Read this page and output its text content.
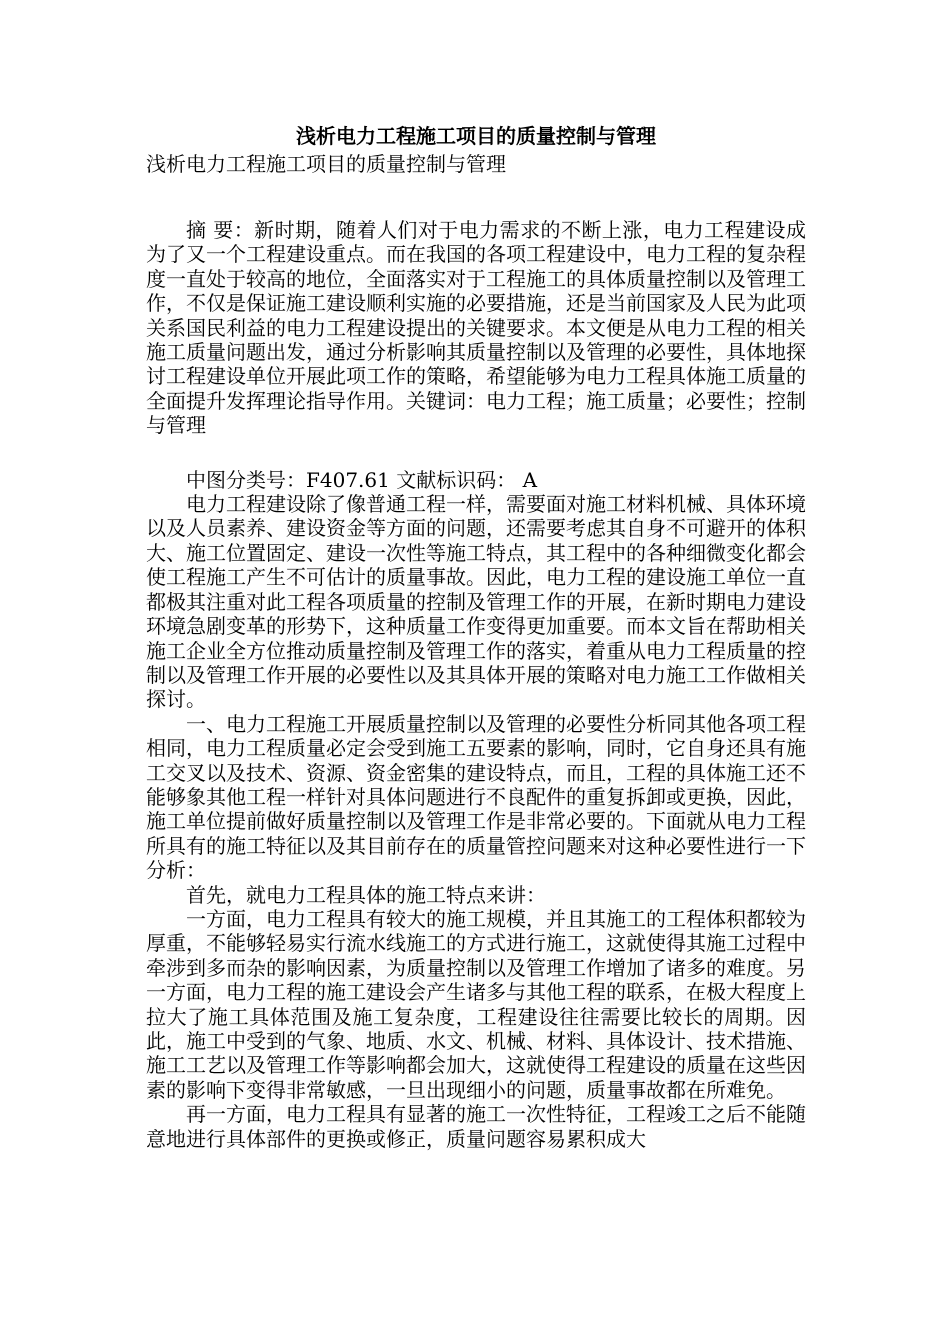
浅析电力工程施工项目的质量控制与管理
浅析电力工程施工项目的质量控制与管理

摘 要：新时期，随着人们对于电力需求的不断上涨，电力工程建设成为了又一个工程建设重点。而在我国的各项工程建设中，电力工程的复杂程度一直处于较高的地位，全面落实对于工程施工的具体质量控制以及管理工作，不仅是保证施工建设顺利实施的必要措施，还是当前国家及人民为此项关系国民利益的电力工程建设提出的关键要求。本文便是从电力工程的相关施工质量问题出发，通过分析影响其质量控制以及管理的必要性，具体地探讨工程建设单位开展此项工作的策略，希望能够为电力工程具体施工质量的全面提升发挥理论指导作用。关键词：电力工程；施工质量；必要性；控制与管理

中图分类号：F407.61 文献标识码： A

电力工程建设除了像普通工程一样，需要面对施工材料机械、具体环境以及人员素养、建设资金等方面的问题，还需要考虑其自身不可避开的体积大、施工位置固定、建设一次性等施工特点，其工程中的各种细微变化都会使工程施工产生不可估计的质量事故。因此，电力工程的建设施工单位一直都极其注重对此工程各项质量的控制及管理工作的开展，在新时期电力建设环境急剧变革的形势下，这种质量工作变得更加重要。而本文旨在帮助相关施工企业全方位推动质量控制及管理工作的落实，着重从电力工程质量的控制以及管理工作开展的必要性以及其具体开展的策略对电力施工工作做相关探讨。

一、电力工程施工开展质量控制以及管理的必要性分析同其他各项工程相同，电力工程质量必定会受到施工五要素的影响，同时，它自身还具有施工交叉以及技术、资源、资金密集的建设特点，而且，工程的具体施工还不能够象其他工程一样针对具体问题进行不良配件的重复拆卸或更换，因此，施工单位提前做好质量控制以及管理工作是非常必要的。下面就从电力工程所具有的施工特征以及其目前存在的质量管控问题来对这种必要性进行一下分析：

首先，就电力工程具体的施工特点来讲：

一方面，电力工程具有较大的施工规模，并且其施工的工程体积都较为厚重，不能够轻易实行流水线施工的方式进行施工，这就使得其施工过程中牵涉到多而杂的影响因素，为质量控制以及管理工作增加了诸多的难度。另一方面，电力工程的施工建设会产生诸多与其他工程的联系，在极大程度上拉大了施工具体范围及施工复杂度，工程建设往往需要比较长的周期。因此，施工中受到的气象、地质、水文、机械、材料、具体设计、技术措施、施工工艺以及管理工作等影响都会加大，这就使得工程建设的质量在这些因素的影响下变得非常敏感，一旦出现细小的问题，质量事故都在所难免。

再一方面，电力工程具有显著的施工一次性特征，工程竣工之后不能随意地进行具体部件的更换或修正，质量问题容易累积成大
